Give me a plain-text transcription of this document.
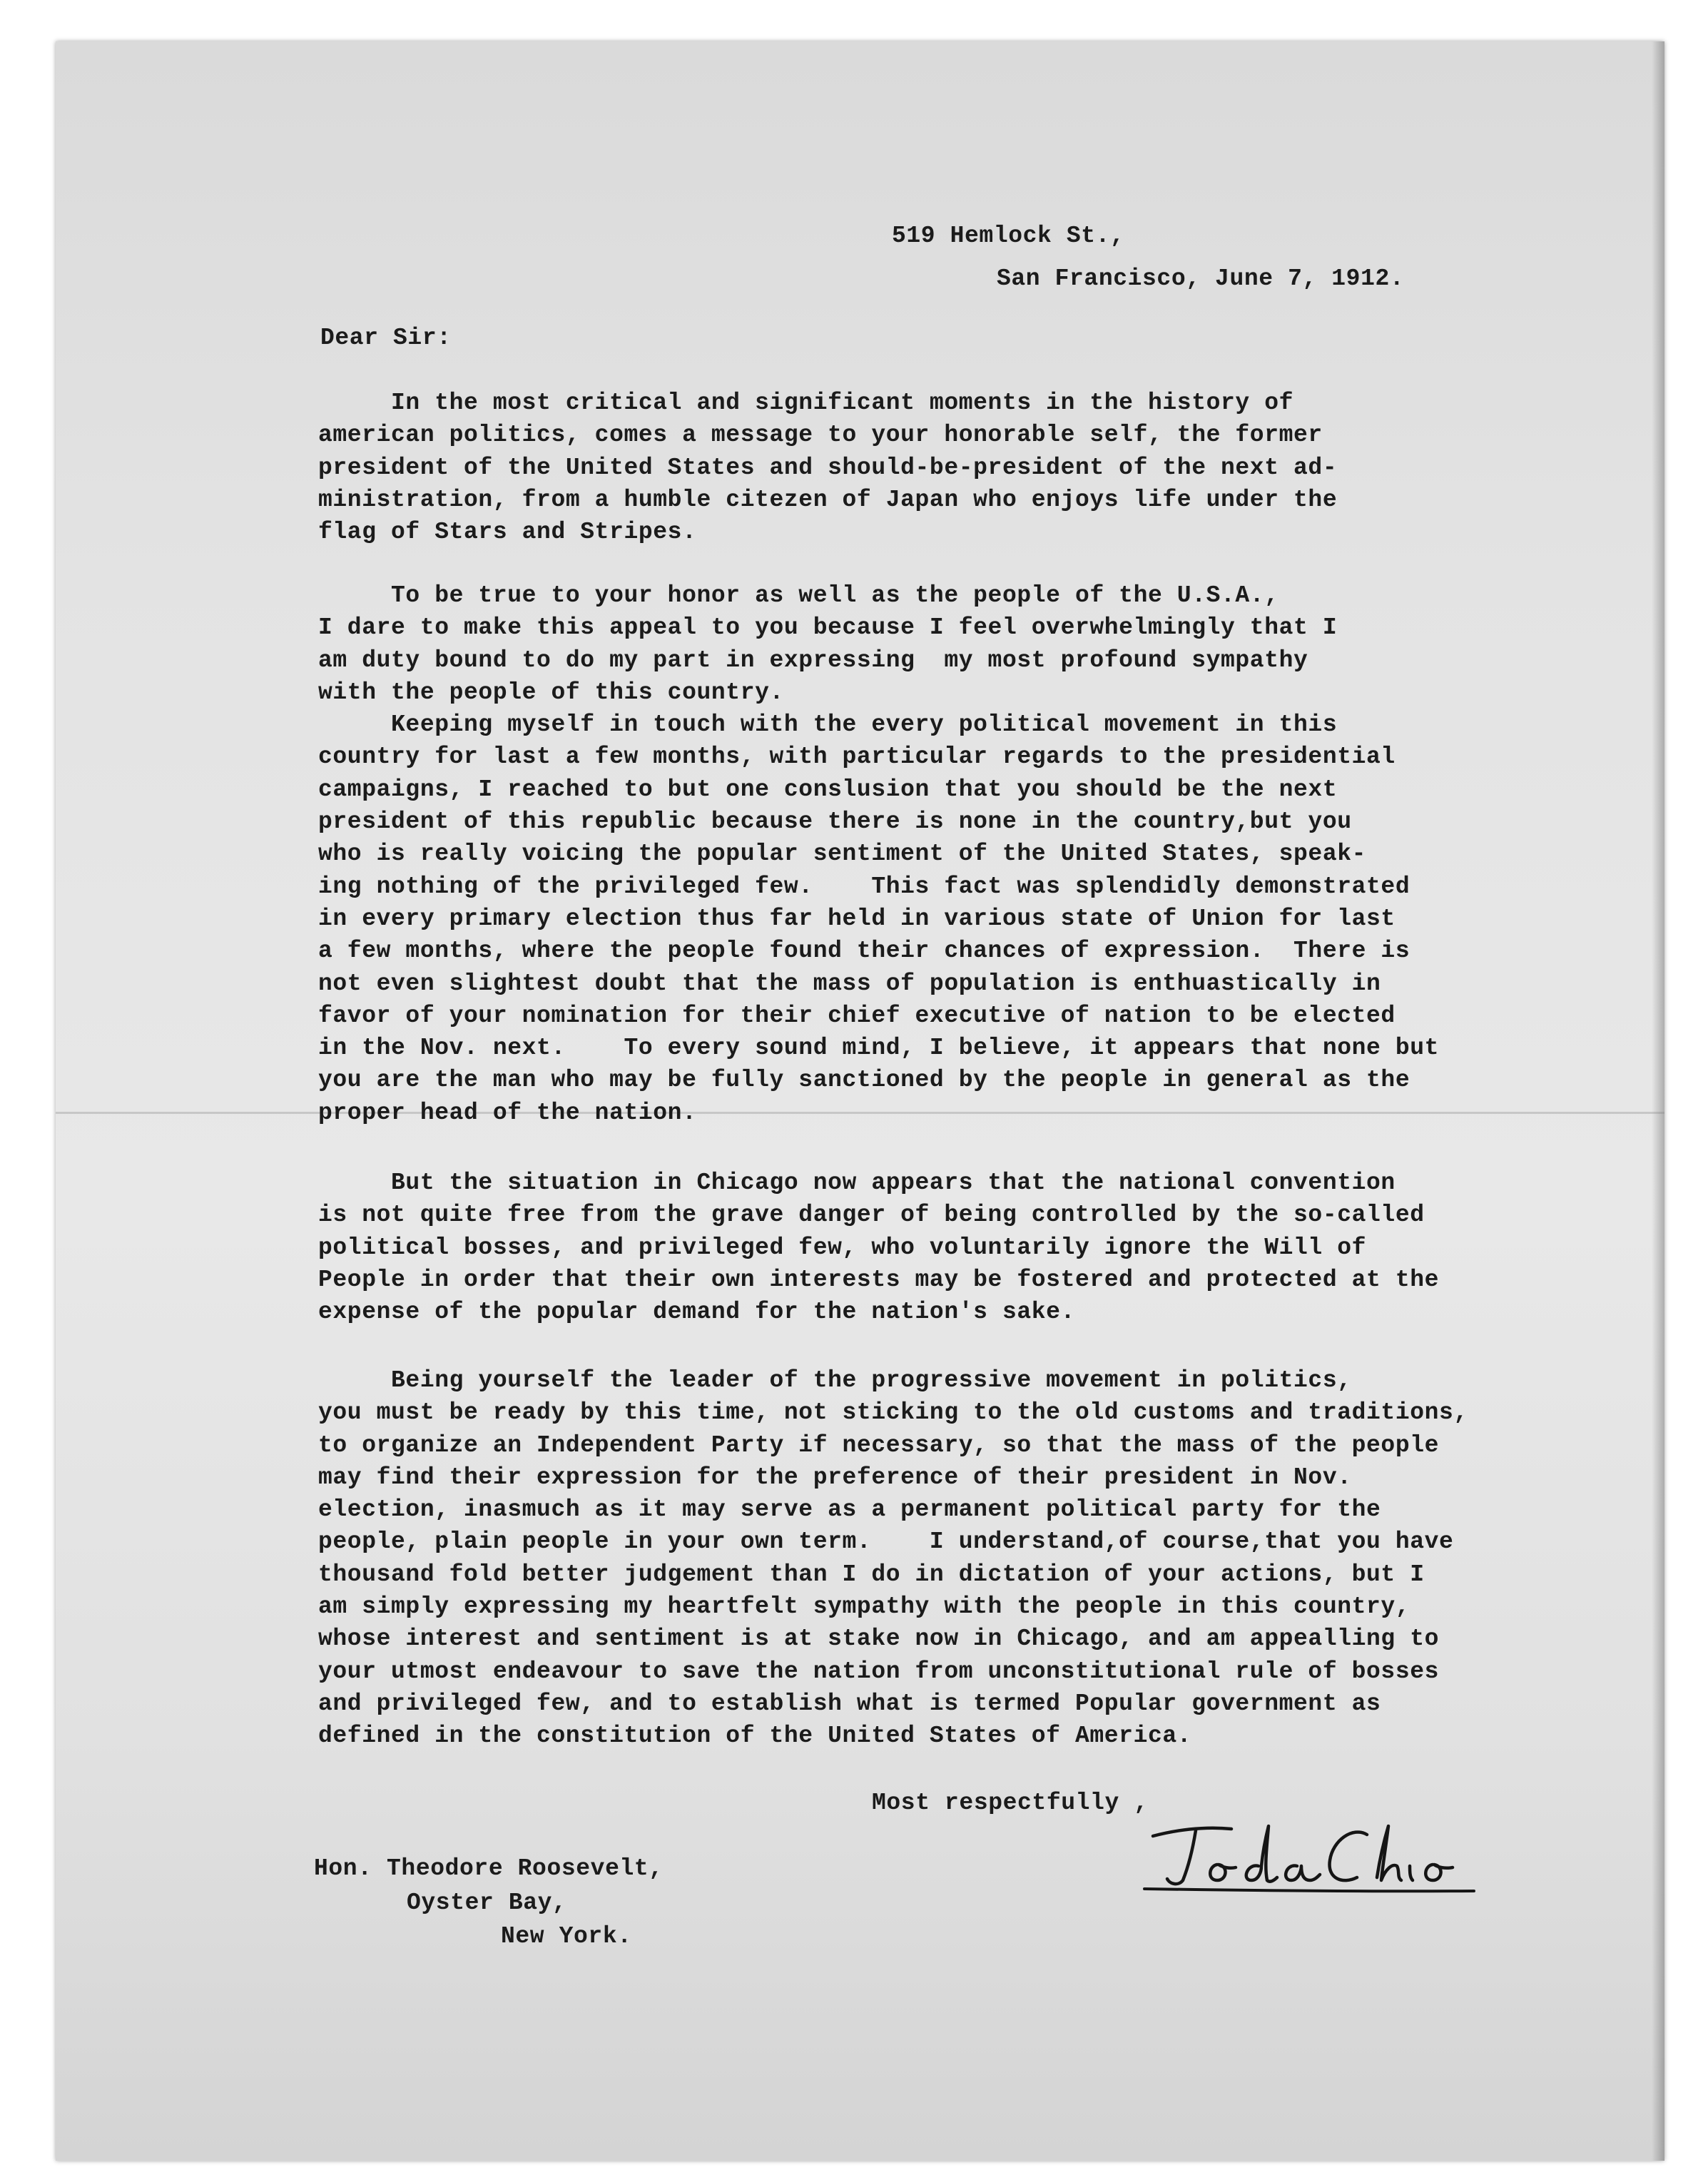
519 Hemlock St.,

San Francisco, June 7, 1912.

Dear Sir:

In the most critical and significant moments in the history of
american politics, comes a message to your honorable self, the former
president of the United States and should-be-president of the next ad-
ministration, from a humble citezen of Japan who enjoys life under the
flag of Stars and Stripes.
To be true to your honor as well as the people of the U.S.A.,
I dare to make this appeal to you because I feel overwhelmingly that I
am duty bound to do my part in expressing  my most profound sympathy
with the people of this country.
Keeping myself in touch with the every political movement in this
country for last a few months, with particular regards to the presidential
campaigns, I reached to but one conslusion that you should be the next
president of this republic because there is none in the country,but you
who is really voicing the popular sentiment of the United States, speak-
ing nothing of the privileged few.    This fact was splendidly demonstrated
in every primary election thus far held in various state of Union for last
a few months, where the people found their chances of expression.  There is
not even slightest doubt that the mass of population is enthuastically in
favor of your nomination for their chief executive of nation to be elected
in the Nov. next.    To every sound mind, I believe, it appears that none but
you are the man who may be fully sanctioned by the people in general as the
proper head of the nation.
But the situation in Chicago now appears that the national convention
is not quite free from the grave danger of being controlled by the so-called
political bosses, and privileged few, who voluntarily ignore the Will of
People in order that their own interests may be fostered and protected at the
expense of the popular demand for the nation's sake.
Being yourself the leader of the progressive movement in politics,
you must be ready by this time, not sticking to the old customs and traditions,
to organize an Independent Party if necessary, so that the mass of the people
may find their expression for the preference of their president in Nov.
election, inasmuch as it may serve as a permanent political party for the
people, plain people in your own term.    I understand,of course,that you have
thousand fold better judgement than I do in dictation of your actions, but I
am simply expressing my heartfelt sympathy with the people in this country,
whose interest and sentiment is at stake now in Chicago, and am appealling to
your utmost endeavour to save the nation from unconstitutional rule of bosses
and privileged few, and to establish what is termed Popular government as
defined in the constitution of the United States of America.

Most respectfully ,

Hon. Theodore Roosevelt,

Oyster Bay,

New York.
